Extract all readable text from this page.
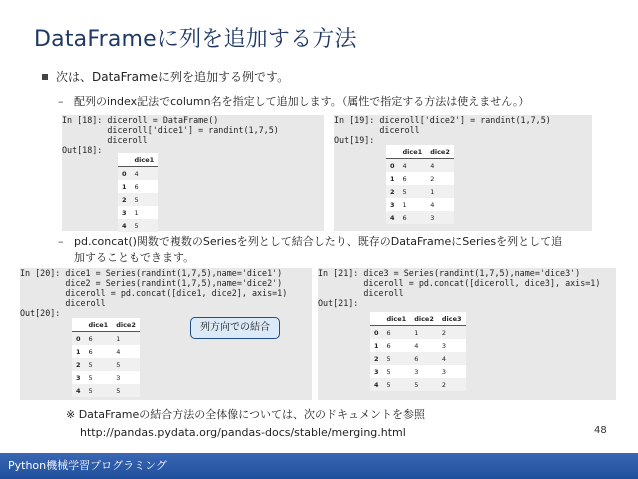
DataFrameに列を追加する方法
次は、DataFrameに列を追加する例です。
– 配列のindex記法でcolumn名を指定して追加します。（属性で指定する方法は使えません。）
In [18]: diceroll = DataFrame()
diceroll['dice1'] = randint(1,7,5)
diceroll
Out[18]:
	dice1
0	4
1	6
2	5
3	1
4	5
In [19]: diceroll['dice2'] = randint(1,7,5)
diceroll
Out[19]:
	dice1	dice2
0	4	4
1	6	2
2	5	1
3	1	4
4	6	3
– pd.concat()関数で複数のSeriesを列として結合したり、既存のDataFrameにSeriesを列として追
加することもできます。
In [20]: dice1 = Series(randint(1,7,5),name='dice1')
dice2 = Series(randint(1,7,5),name='dice2')
diceroll = pd.concat([dice1, dice2], axis=1)
diceroll
Out[20]:
	dice1	dice2
0	6	1
1	6	4
2	5	5
3	5	3
4	5	5
In [21]: dice3 = Series(randint(1,7,5),name='dice3')
diceroll = pd.concat([diceroll, dice3], axis=1)
diceroll
Out[21]:
	dice1	dice2	dice3
0	6	1	2
1	6	4	3
2	5	6	4
3	5	3	3
4	5	5	2
列方向での結合
※ DataFrameの結合方法の全体像については、次のドキュメントを参照
http://pandas.pydata.org/pandas-docs/stable/merging.html	48
Python機械学習プログラミング
